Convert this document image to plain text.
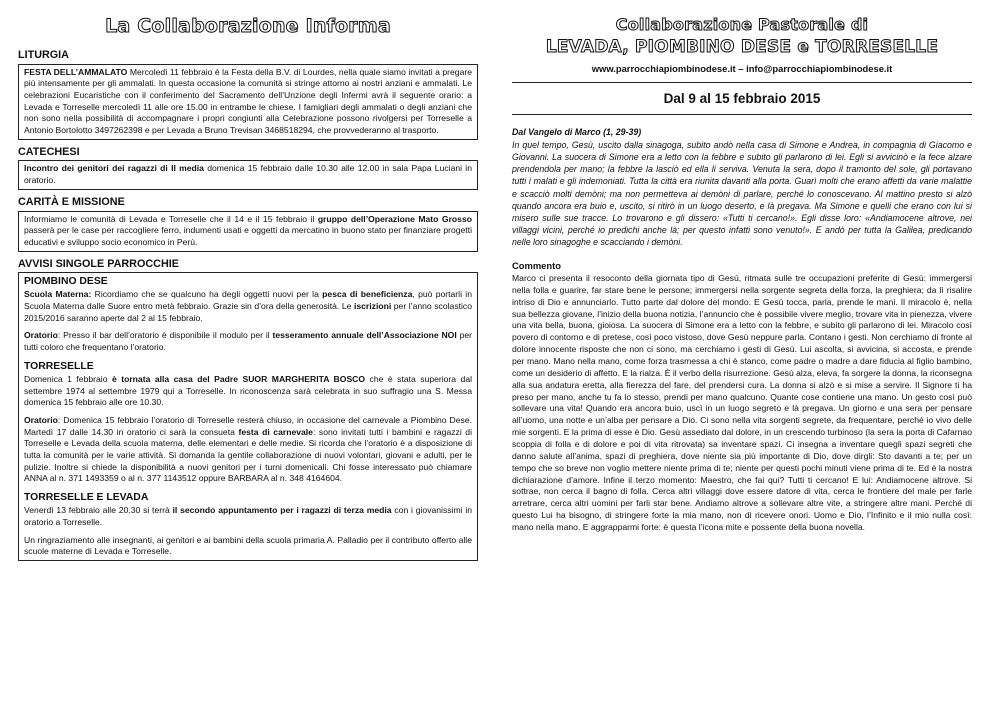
La Collaborazione Informa
LITURGIA

FESTA DELL’AMMALATO Mercoledì 11 febbraio è la Festa della B.V. di Lourdes, nella quale siamo invitati a pregare più intensamente per gli ammalati. In questa occasione la comunità si stringe attorno ai nostri anziani e ammalati. Le celebrazioni Eucaristiche con il conferimento del Sacramento dell’Unzione degli Infermi avrà il seguente orario: a Levada e Torreselle mercoledì 11 alle ore 15.00 in entrambe le chiese. I famigliari degli ammalati o degli anziani che non sono nella possibilità di accompagnare i propri congiunti alla Celebrazione possono rivolgersi per Torreselle a Antonio Bortolotto 3497262398 e per Levada a Bruno Trevisan 3468518294, che provvederanno al trasporto.

CATECHESI

Incontro dei genitori dei ragazzi di II media domenica 15 febbraio dalle 10.30 alle 12.00 in sala Papa Luciani in oratorio.

CARITÀ E MISSIONE

Informiamo le comunità di Levada e Torreselle che il 14 e il 15 febbraio il gruppo dell’Operazione Mato Grosso passerà per le case per raccogliere ferro, indumenti usati e oggetti da mercatino in buono stato per finanziare progetti educativi e sviluppo socio economico in Perù.

AVVISI SINGOLE PARROCCHIE
PIOMBINO DESE

Scuola Materna: Ricordiamo che se qualcuno ha degli oggetti nuovi per la pesca di beneficienza, può portarli in Scuola Materna dalle Suore entro metà febbraio. Grazie sin d’ora della generosità. Le iscrizioni per l’anno scolastico 2015/2016 saranno aperte dal 2 al 15 febbraio.

Oratorio: Presso il bar dell’oratorio è disponibile il modulo per il tesseramento annuale dell’Associazione NOI per tutti coloro che frequentano l’oratorio.

TORRESELLE

Domenica 1 febbraio è tornata alla casa del Padre SUOR MARGHERITA BOSCO che è stata superiora dal settembre 1974 al settembre 1979 qui a Torreselle. In riconoscenza sarà celebrata in suo suffragio una S. Messa domenica 15 febbraio alle ore 10.30.

Oratorio: Domenica 15 febbraio l’oratorio di Torreselle resterà chiuso, in occasione del carnevale a Piombino Dese. Martedì 17 dalle 14.30 in oratorio ci sarà la consueta festa di carnevale: sono invitati tutti i bambini e ragazzi di Torreselle e Levada della scuola materna, delle elementari e delle medie. Si ricorda che l’oratorio è a disposizione di tutta la comunità per le varie attività. Si domanda la gentile collaborazione di nuovi volontari, giovani e adulti, per le pulizie. Inoltre si chiede la disponibilità a nuovi genitori per i turni domenicali. Chi fosse interessato può chiamare ANNA al n. 371 1493359 o al n. 377 1143512 oppure BARBARA al n. 348 4164604.

TORRESELLE E LEVADA

Venerdì 13 febbraio alle 20.30 si terrà il secondo appuntamento per i ragazzi di terza media con i giovanissimi in oratorio a Torreselle.

Un ringraziamento alle insegnanti, ai genitori e ai bambini della scuola primaria A. Palladio per il contributo offerto alle scuole materne di Levada e Torreselle.

Collaborazione Pastorale di
LEVADA, PIOMBINO DESE e TORRESELLE
www.parrocchiapiombinodese.it – info@parrocchiapiombinodese.it
Dal 9 al 15 febbraio 2015
Dal Vangelo di Marco (1, 29-39)

In quel tempo, Gesù, uscito dalla sinagoga, subito andò nella casa di Simone e Andrea, in compagnia di Giacomo e Giovanni. La suocera di Simone era a letto con la febbre e subito gli parlarono di lei. Egli si avvicinò e la fece alzare prendendola per mano; la febbre la lasciò ed ella li serviva. Venuta la sera, dopo il tramonto del sole, gli portavano tutti i malati e gli indemoniati. Tutta la città era riunita davanti alla porta. Guarì molti che erano affetti da varie malattie e scacciò molti demòni; ma non permetteva ai demòni di parlare, perché lo conoscevano. Al mattino presto si alzò quando ancora era buio e, uscito, si ritirò in un luogo deserto, e là pregava. Ma Simone e quelli che erano con lui si misero sulle sue tracce. Lo trovarono e gli dissero: «Tutti ti cercano!». Egli disse loro: «Andiamocene altrove, nei villaggi vicini, perché io predichi anche là; per questo infatti sono venuto!». E andò per tutta la Galilea, predicando nelle loro sinagoghe e scacciando i demòni.

Commento

Marco ci presenta il resoconto della giornata tipo di Gesù, ritmata sulle tre occupazioni preferite di Gesù: immergersi nella folla e guarire, far stare bene le persone; immergersi nella sorgente segreta della forza, la preghiera; da lì risalire intriso di Dio e annunciarlo. Tutto parte dal dolore del mondo. E Gesù tocca, parla, prende le mani. Il miracolo è, nella sua bellezza giovane, l’inizio della buona notizia, l’annuncio che è possibile vivere meglio, trovare vita in pienezza, vivere una vita bella, buona, gioiosa. La suocera di Simone era a letto con la febbre, e subito gli parlarono di lei. Miracolo così povero di contorno e di pretese, così poco vistoso, dove Gesù neppure parla. Contano i gesti. Non cerchiamo di fronte al dolore innocente risposte che non ci sono, ma cerchiamo i gesti di Gesù. Lui ascolta, si avvicina, si accosta, e prende per mano. Mano nella mano, come forza trasmessa a chi è stanco, come padre o madre a dare fiducia al figlio bambino, come un desiderio di affetto. E la rialza. È il verbo della risurrezione. Gesù alza, eleva, fa sorgere la donna, la riconsegna alla sua andatura eretta, alla fierezza del fare, del prendersi cura. La donna si alzò e si mise a servire. Il Signore ti ha preso per mano, anche tu fa lo stesso, prendi per mano qualcuno. Quante cose contiene una mano. Un gesto così può sollevare una vita! Quando era ancora buio, uscì in un luogo segreto e là pregava. Un giorno e una sera per pensare all’uomo, una notte e un’alba per pensare a Dio. Ci sono nella vita sorgenti segrete, da frequentare, perché io vivo delle mie sorgenti. E la prima di esse è Dio. Gesù assediato dal dolore, in un crescendo turbinoso (la sera la porta di Cafarnao scoppia di folla e di dolore e poi di vita ritrovata) sa inventare spazi. Ci insegna a inventare quegli spazi segreti che danno salute all’anima, spazi di preghiera, dove niente sia più importante di Dio, dove dirgli: Sto davanti a te; per un tempo che so breve non voglio mettere niente prima di te; niente per questi pochi minuti viene prima di te. Ed è la nostra dichiarazione d’amore. Infine il terzo momento: Maestro, che fai qui? Tutti ti cercano! E lui: Andiamocene altrove. Si sottrae, non cerca il bagno di folla. Cerca altri villaggi dove essere datore di vita, cerca le frontiere del male per farle arretrare, cerca altri uomini per farli star bene. Andiamo altrove a sollevare altre vite, a stringere altre mani. Perché di questo Lui ha bisogno, di stringere forte la mia mano, non di ricevere onori. Uomo e Dio, l’Infinito e il mio nulla così: mano nella mano. E aggrapparmi forte: è questa l’icona mite e possente della buona novella.
